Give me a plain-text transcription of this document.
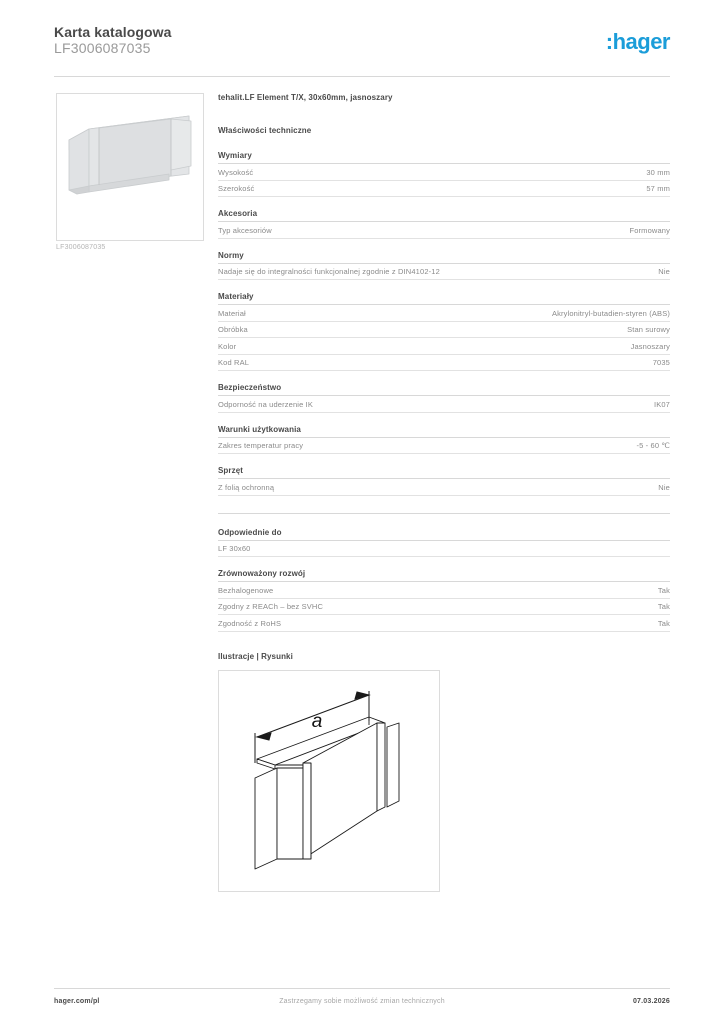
Karta katalogowa
LF3006087035	:hager
LF3006087035
tehalit.LF Element T/X, 30x60mm, jasnoszary
Właściwości techniczne
Wymiary
Wysokość	30 mm
Szerokość	57 mm
Akcesoria
Typ akcesoriów	Formowany
Normy
Nadaje się do integralności funkcjonalnej zgodnie z DIN4102-12	Nie
Materiały
Materiał	Akrylonitryl-butadien-styren (ABS)
Obróbka	Stan surowy
Kolor	Jasnoszary
Kod RAL	7035
Bezpieczeństwo
Odporność na uderzenie IK	IK07
Warunki użytkowania
Zakres temperatur pracy	-5 - 60 ℃
Sprzęt
Z folią ochronną	Nie
Odpowiednie do
LF 30x60
Zrównoważony rozwój
Bezhalogenowe	Tak
Zgodny z REACh – bez SVHC	Tak
Zgodność z RoHS	Tak
Ilustracje | Rysunki
a
hager.com/pl	Zastrzegamy sobie możliwość zmian technicznych	07.03.2026
